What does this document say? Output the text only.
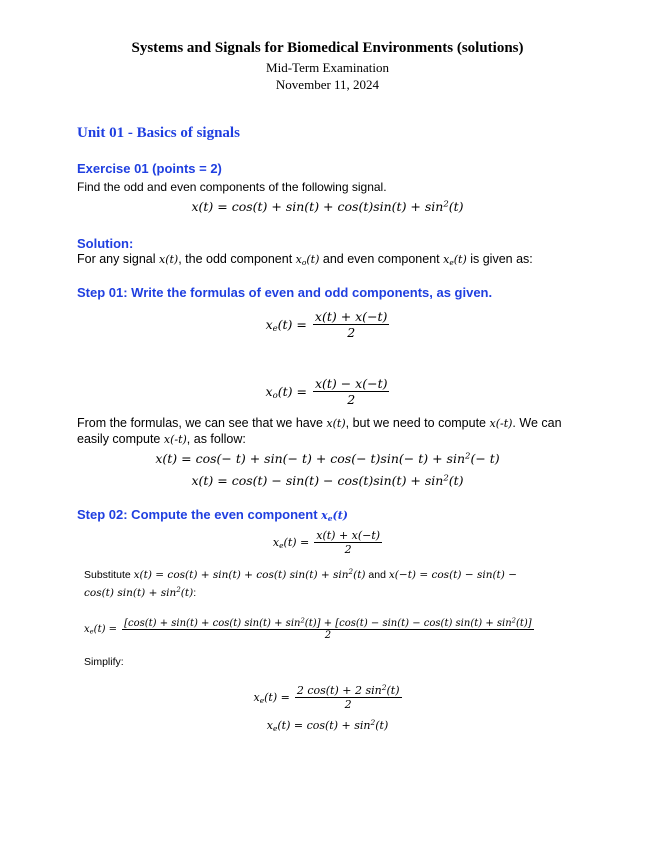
Systems and Signals for Biomedical Environments (solutions)
Mid-Term Examination
November 11, 2024
Unit 01 - Basics of signals
Exercise 01 (points = 2)
Find the odd and even components of the following signal.
$x(t) = \cos(t) + \sin(t) + \cos(t)\sin(t) + \sin^2(t)$
Solution:
For any signal x(t), the odd component $x_o(t)$ and even component $x_e(t)$ is given as:
Step 01: Write the formulas of even and odd components, as given.
$x_e(t) = \frac{x(t) + x(-t)}{2}$
$x_o(t) = \frac{x(t) - x(-t)}{2}$
From the formulas, we can see that we have x(t), but we need to compute x(-t). We can
easily compute x(-t), as follow:
$x(t) = \cos(- t) + \sin(- t) + \cos(- t)\sin(- t) + \sin^2(- t)$
$x(t) = \cos(t) - \sin(t) - \cos(t)\sin(t) + \sin^2(t)$
Step 02: Compute the even component $x_e(t)$
$x_e(t) = \frac{x(t) + x(-t)}{2}$
Substitute x(t) = cos(t) + sin(t) + cos(t) $\sin(t) + \sin^2(t)$ and x(−t) = cos(t) − sin(t) −
cos(t) $\sin(t) + \sin^2(t)$:
$x_e(t)$ =
[cos(t) + sin(t) + cos(t) $\sin(t) + \sin^2(t)] + [\cos(t) - \sin(t) - \cos(t) \sin(t) + \sin^2(t)]$
2
Simplify:
$x_e(t) = \frac{2 \cos(t) + 2 \sin^2(t)}{2}$
$x_e(t) = \cos(t) + \sin^2(t)$
